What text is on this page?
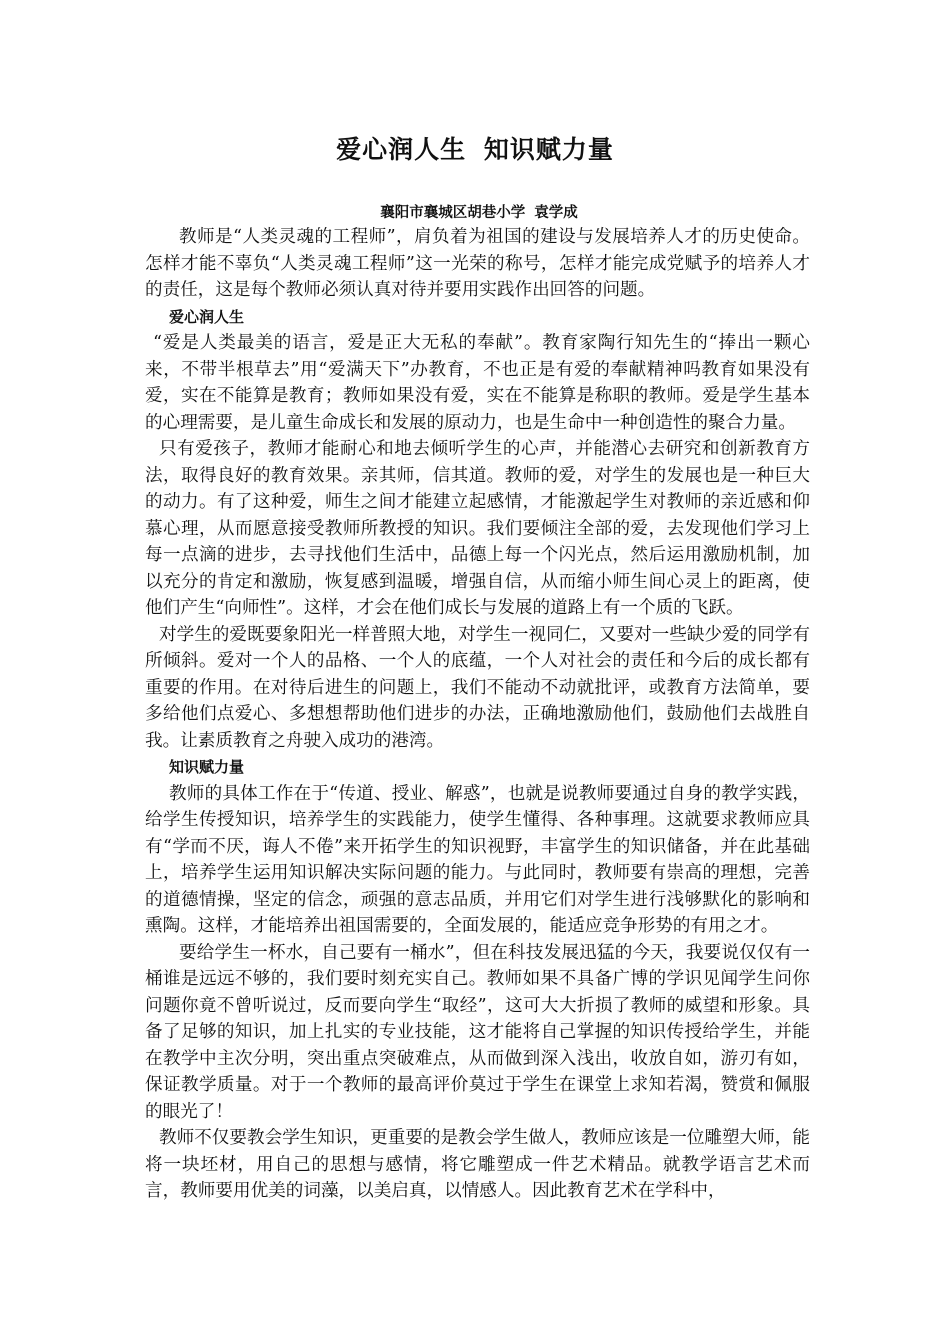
爱心润人生 知识赋力量
襄阳市襄城区胡巷小学 袁学成

教师是“人类灵魂的工程师”，肩负着为祖国的建设与发展培养人才的历史使命。怎样才能不辜负“人类灵魂工程师”这一光荣的称号，怎样才能完成党赋予的培养人才的责任，这是每个教师必须认真对待并要用实践作出回答的问题。

爱心润人生

“爱是人类最美的语言，爱是正大无私的奉献”。教育家陶行知先生的“捧出一颗心来，不带半根草去”用“爱满天下”办教育，不也正是有爱的奉献精神吗教育如果没有爱，实在不能算是教育；教师如果没有爱，实在不能算是称职的教师。爱是学生基本的心理需要，是儿童生命成长和发展的原动力，也是生命中一种创造性的聚合力量。

只有爱孩子，教师才能耐心和地去倾听学生的心声，并能潜心去研究和创新教育方法，取得良好的教育效果。亲其师，信其道。教师的爱，对学生的发展也是一种巨大的动力。有了这种爱，师生之间才能建立起感情，才能激起学生对教师的亲近感和仰慕心理，从而愿意接受教师所教授的知识。我们要倾注全部的爱，去发现他们学习上每一点滴的进步，去寻找他们生活中，品德上每一个闪光点，然后运用激励机制，加以充分的肯定和激励，恢复感到温暖，增强自信，从而缩小师生间心灵上的距离，使他们产生“向师性”。这样，才会在他们成长与发展的道路上有一个质的飞跃。

对学生的爱既要象阳光一样普照大地，对学生一视同仁，又要对一些缺少爱的同学有所倾斜。爱对一个人的品格、一个人的底蕴，一个人对社会的责任和今后的成长都有重要的作用。在对待后进生的问题上，我们不能动不动就批评，或教育方法简单，要多给他们点爱心、多想想帮助他们进步的办法，正确地激励他们，鼓励他们去战胜自我。让素质教育之舟驶入成功的港湾。

知识赋力量

教师的具体工作在于“传道、授业、解惑”，也就是说教师要通过自身的教学实践，给学生传授知识，培养学生的实践能力，使学生懂得、各种事理。这就要求教师应具有“学而不厌，诲人不倦”来开拓学生的知识视野，丰富学生的知识储备，并在此基础上，培养学生运用知识解决实际问题的能力。与此同时，教师要有崇高的理想，完善的道德情操，坚定的信念，顽强的意志品质，并用它们对学生进行浅够默化的影响和熏陶。这样，才能培养出祖国需要的，全面发展的，能适应竞争形势的有用之才。

要给学生一杯水，自己要有一桶水”，但在科技发展迅猛的今天，我要说仅仅有一桶谁是远远不够的，我们要时刻充实自己。教师如果不具备广博的学识见闻学生问你问题你竟不曾听说过，反而要向学生“取经”，这可大大折损了教师的威望和形象。具备了足够的知识，加上扎实的专业技能，这才能将自己掌握的知识传授给学生，并能在教学中主次分明，突出重点突破难点，从而做到深入浅出，收放自如，游刃有如，保证教学质量。对于一个教师的最高评价莫过于学生在课堂上求知若渴，赞赏和佩服的眼光了！

教师不仅要教会学生知识，更重要的是教会学生做人，教师应该是一位雕塑大师，能将一块坯材，用自己的思想与感情，将它雕塑成一件艺术精品。就教学语言艺术而言，教师要用优美的词藻，以美启真，以情感人。因此教育艺术在学科中，
